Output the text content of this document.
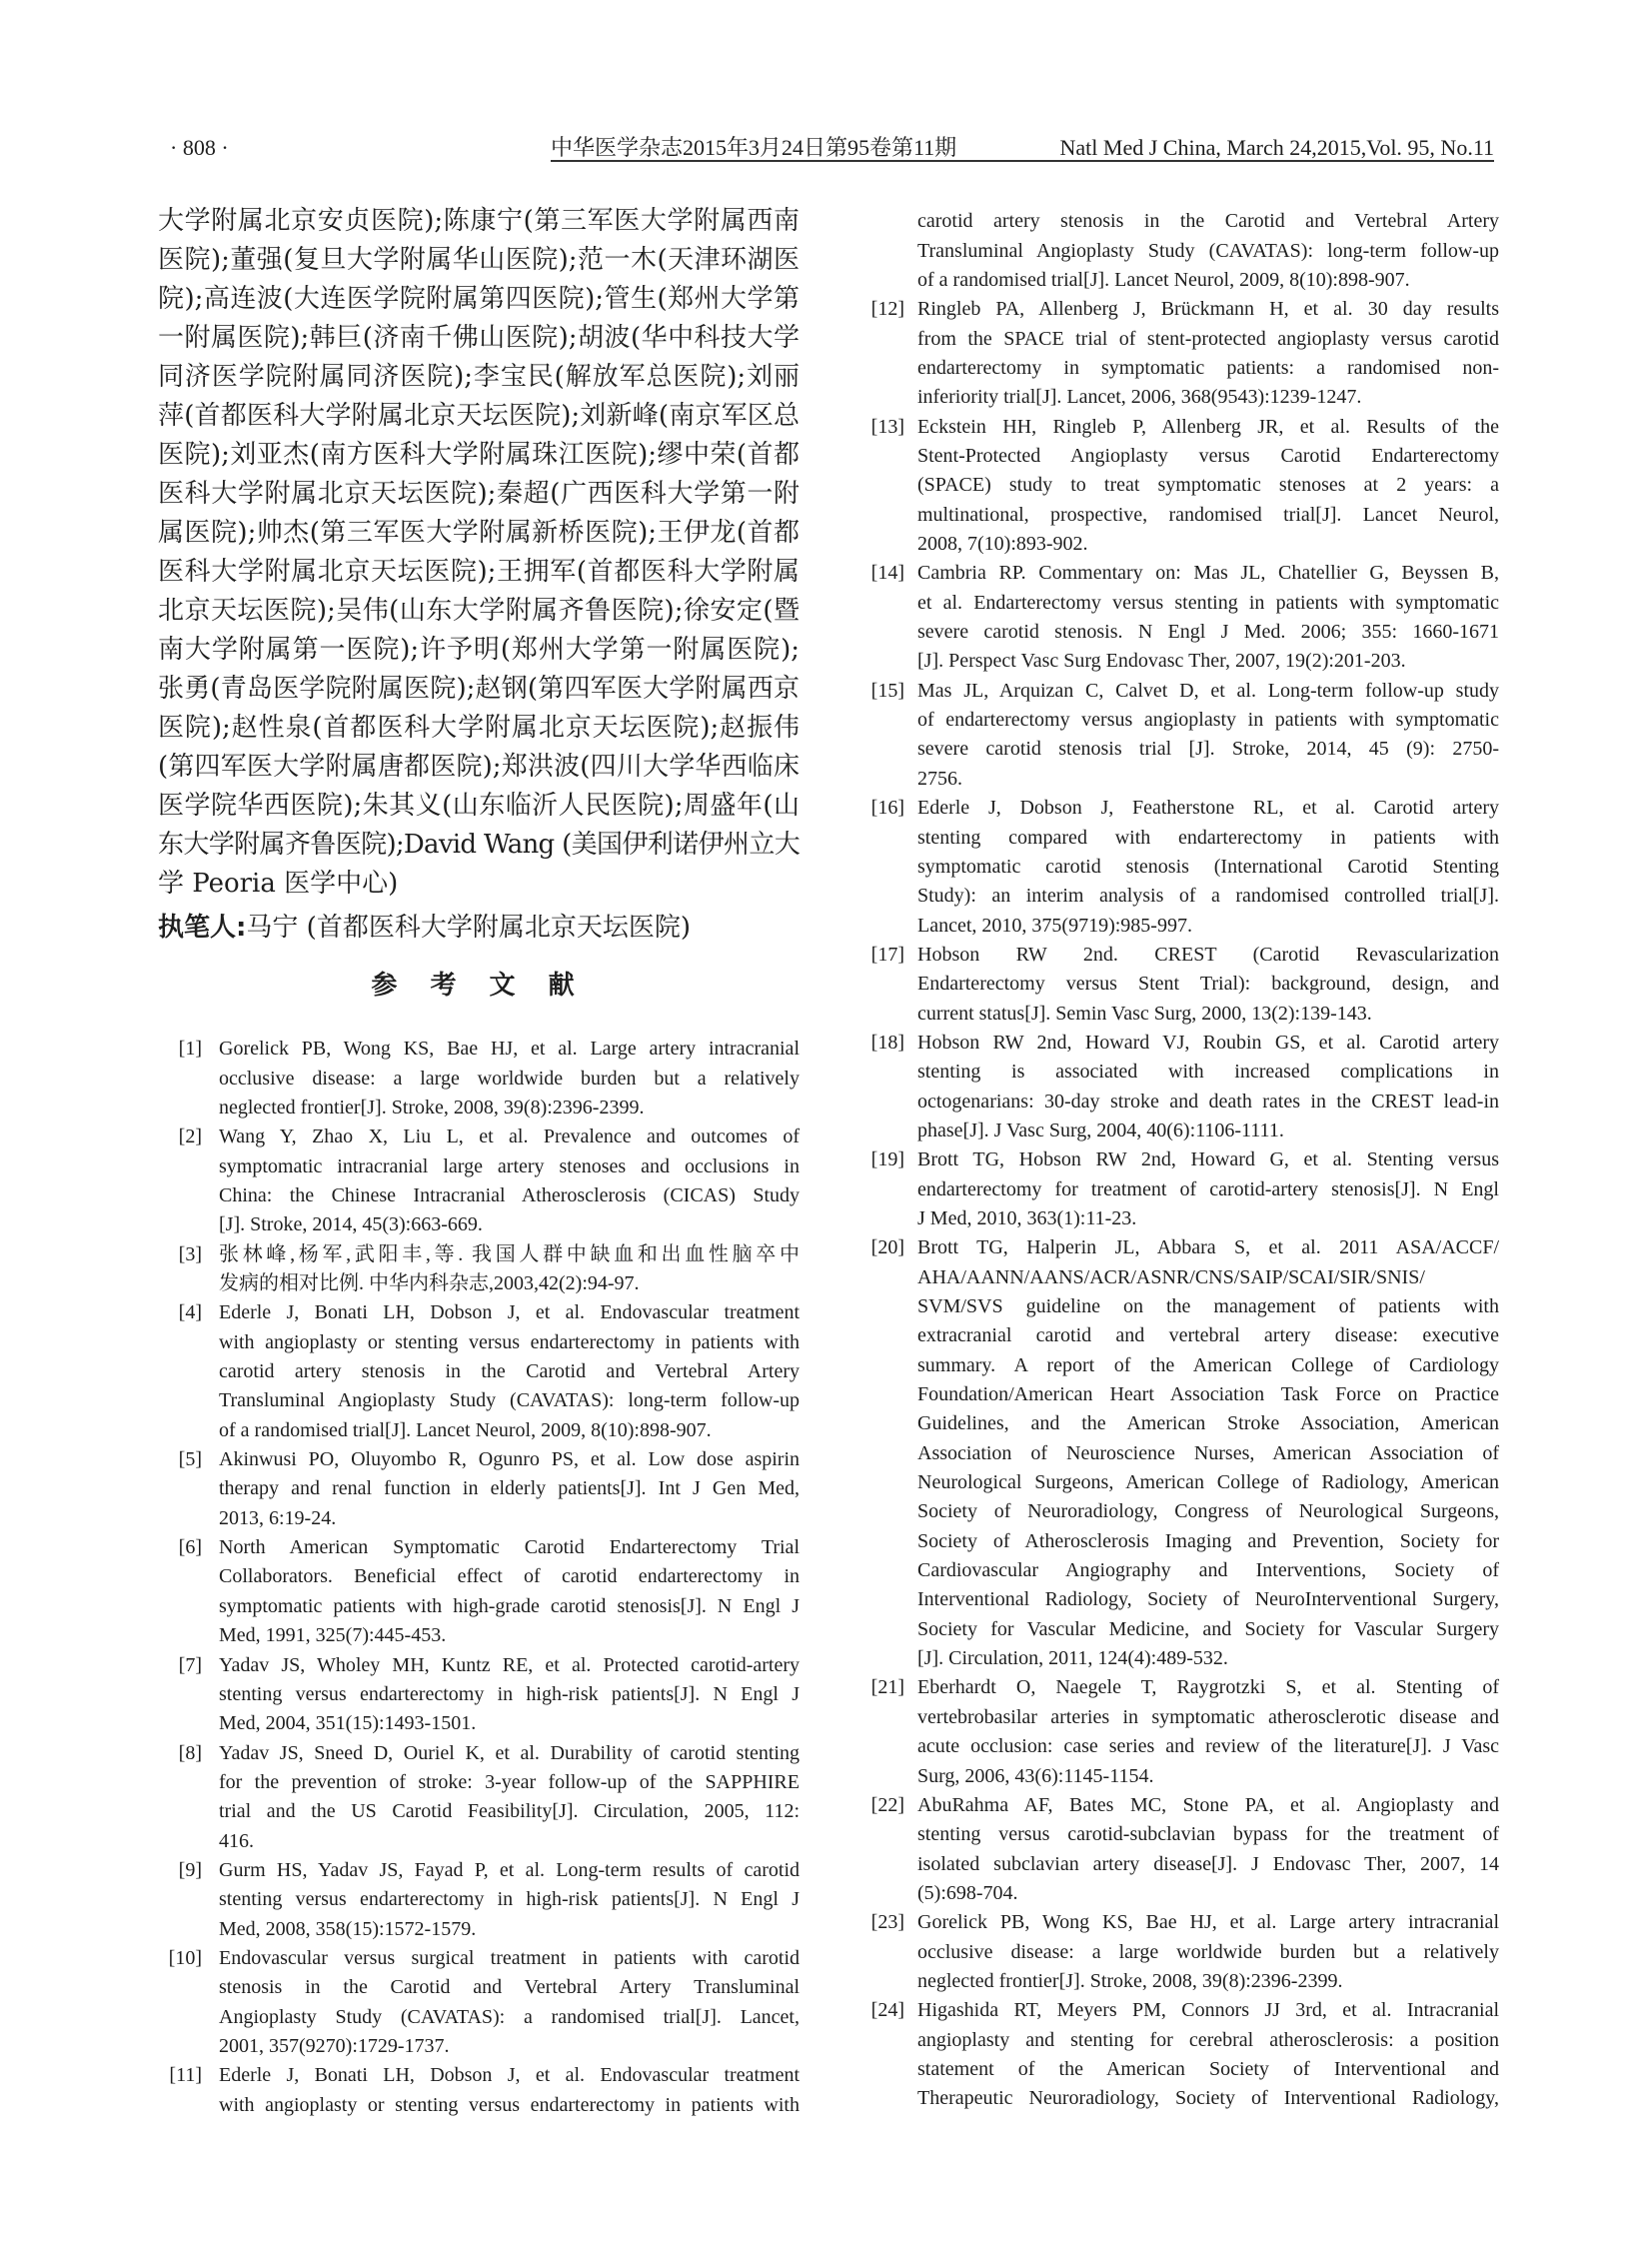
· 808 ·	中华医学杂志2015年3月24日第95卷第11期	Natl Med J China, March 24,2015,Vol. 95, No.11
大学附属北京安贞医院);陈康宁(第三军医大学附属西南
医院);董强(复旦大学附属华山医院);范一木(天津环湖医
院);高连波(大连医学院附属第四医院);管生(郑州大学第
一附属医院);韩巨(济南千佛山医院);胡波(华中科技大学
同济医学院附属同济医院);李宝民(解放军总医院);刘丽
萍(首都医科大学附属北京天坛医院);刘新峰(南京军区总
医院);刘亚杰(南方医科大学附属珠江医院);缪中荣(首都
医科大学附属北京天坛医院);秦超(广西医科大学第一附
属医院);帅杰(第三军医大学附属新桥医院);王伊龙(首都
医科大学附属北京天坛医院);王拥军(首都医科大学附属
北京天坛医院);吴伟(山东大学附属齐鲁医院);徐安定(暨
南大学附属第一医院);许予明(郑州大学第一附属医院);
张勇(青岛医学院附属医院);赵钢(第四军医大学附属西京
医院);赵性泉(首都医科大学附属北京天坛医院);赵振伟
(第四军医大学附属唐都医院);郑洪波(四川大学华西临床
医学院华西医院);朱其义(山东临沂人民医院);周盛年(山
东大学附属齐鲁医院);David Wang (美国伊利诺伊州立大
学 Peoria 医学中心)
执笔人:马宁 (首都医科大学附属北京天坛医院)
参 考 文 献
[1] Gorelick PB, Wong KS, Bae HJ, et al. Large artery intracranial
occlusive disease: a large worldwide burden but a relatively
neglected frontier[J]. Stroke, 2008, 39(8):2396-2399.
[2] Wang Y, Zhao X, Liu L, et al. Prevalence and outcomes of
symptomatic intracranial large artery stenoses and occlusions in
China: the Chinese Intracranial Atherosclerosis (CICAS) Study
[J]. Stroke, 2014, 45(3):663-669.
[3] 张林峰,杨军,武阳丰,等. 我国人群中缺血和出血性脑卒中
发病的相对比例. 中华内科杂志,2003,42(2):94-97.
[4] Ederle J, Bonati LH, Dobson J, et al. Endovascular treatment
with angioplasty or stenting versus endarterectomy in patients with
carotid artery stenosis in the Carotid and Vertebral Artery
Transluminal Angioplasty Study (CAVATAS): long-term follow-up
of a randomised trial[J]. Lancet Neurol, 2009, 8(10):898-907.
[5] Akinwusi PO, Oluyombo R, Ogunro PS, et al. Low dose aspirin
therapy and renal function in elderly patients[J]. Int J Gen Med,
2013, 6:19-24.
[6] North American Symptomatic Carotid Endarterectomy Trial
Collaborators. Beneficial effect of carotid endarterectomy in
symptomatic patients with high-grade carotid stenosis[J]. N Engl J
Med, 1991, 325(7):445-453.
[7] Yadav JS, Wholey MH, Kuntz RE, et al. Protected carotid-artery
stenting versus endarterectomy in high-risk patients[J]. N Engl J
Med, 2004, 351(15):1493-1501.
[8] Yadav JS, Sneed D, Ouriel K, et al. Durability of carotid stenting
for the prevention of stroke: 3-year follow-up of the SAPPHIRE
trial and the US Carotid Feasibility[J]. Circulation, 2005, 112:
416.
[9] Gurm HS, Yadav JS, Fayad P, et al. Long-term results of carotid
stenting versus endarterectomy in high-risk patients[J]. N Engl J
Med, 2008, 358(15):1572-1579.
[10] Endovascular versus surgical treatment in patients with carotid
stenosis in the Carotid and Vertebral Artery Transluminal
Angioplasty Study (CAVATAS): a randomised trial[J]. Lancet,
2001, 357(9270):1729-1737.
[11] Ederle J, Bonati LH, Dobson J, et al. Endovascular treatment
with angioplasty or stenting versus endarterectomy in patients with
carotid artery stenosis in the Carotid and Vertebral Artery
Transluminal Angioplasty Study (CAVATAS): long-term follow-up
of a randomised trial[J]. Lancet Neurol, 2009, 8(10):898-907.
[12] Ringleb PA, Allenberg J, Brückmann H, et al. 30 day results
from the SPACE trial of stent-protected angioplasty versus carotid
endarterectomy in symptomatic patients: a randomised non-
inferiority trial[J]. Lancet, 2006, 368(9543):1239-1247.
[13] Eckstein HH, Ringleb P, Allenberg JR, et al. Results of the
Stent-Protected Angioplasty versus Carotid Endarterectomy
(SPACE) study to treat symptomatic stenoses at 2 years: a
multinational, prospective, randomised trial[J]. Lancet Neurol,
2008, 7(10):893-902.
[14] Cambria RP. Commentary on: Mas JL, Chatellier G, Beyssen B,
et al. Endarterectomy versus stenting in patients with symptomatic
severe carotid stenosis. N Engl J Med. 2006; 355: 1660-1671
[J]. Perspect Vasc Surg Endovasc Ther, 2007, 19(2):201-203.
[15] Mas JL, Arquizan C, Calvet D, et al. Long-term follow-up study
of endarterectomy versus angioplasty in patients with symptomatic
severe carotid stenosis trial [J]. Stroke, 2014, 45 (9): 2750-
2756.
[16] Ederle J, Dobson J, Featherstone RL, et al. Carotid artery
stenting compared with endarterectomy in patients with
symptomatic carotid stenosis (International Carotid Stenting
Study): an interim analysis of a randomised controlled trial[J].
Lancet, 2010, 375(9719):985-997.
[17] Hobson RW 2nd. CREST (Carotid Revascularization
Endarterectomy versus Stent Trial): background, design, and
current status[J]. Semin Vasc Surg, 2000, 13(2):139-143.
[18] Hobson RW 2nd, Howard VJ, Roubin GS, et al. Carotid artery
stenting is associated with increased complications in
octogenarians: 30-day stroke and death rates in the CREST lead-in
phase[J]. J Vasc Surg, 2004, 40(6):1106-1111.
[19] Brott TG, Hobson RW 2nd, Howard G, et al. Stenting versus
endarterectomy for treatment of carotid-artery stenosis[J]. N Engl
J Med, 2010, 363(1):11-23.
[20] Brott TG, Halperin JL, Abbara S, et al. 2011 ASA/ACCF/
AHA/AANN/AANS/ACR/ASNR/CNS/SAIP/SCAI/SIR/SNIS/
SVM/SVS guideline on the management of patients with
extracranial carotid and vertebral artery disease: executive
summary. A report of the American College of Cardiology
Foundation/American Heart Association Task Force on Practice
Guidelines, and the American Stroke Association, American
Association of Neuroscience Nurses, American Association of
Neurological Surgeons, American College of Radiology, American
Society of Neuroradiology, Congress of Neurological Surgeons,
Society of Atherosclerosis Imaging and Prevention, Society for
Cardiovascular Angiography and Interventions, Society of
Interventional Radiology, Society of NeuroInterventional Surgery,
Society for Vascular Medicine, and Society for Vascular Surgery
[J]. Circulation, 2011, 124(4):489-532.
[21] Eberhardt O, Naegele T, Raygrotzki S, et al. Stenting of
vertebrobasilar arteries in symptomatic atherosclerotic disease and
acute occlusion: case series and review of the literature[J]. J Vasc
Surg, 2006, 43(6):1145-1154.
[22] AbuRahma AF, Bates MC, Stone PA, et al. Angioplasty and
stenting versus carotid-subclavian bypass for the treatment of
isolated subclavian artery disease[J]. J Endovasc Ther, 2007, 14
(5):698-704.
[23] Gorelick PB, Wong KS, Bae HJ, et al. Large artery intracranial
occlusive disease: a large worldwide burden but a relatively
neglected frontier[J]. Stroke, 2008, 39(8):2396-2399.
[24] Higashida RT, Meyers PM, Connors JJ 3rd, et al. Intracranial
angioplasty and stenting for cerebral atherosclerosis: a position
statement of the American Society of Interventional and
Therapeutic Neuroradiology, Society of Interventional Radiology,
